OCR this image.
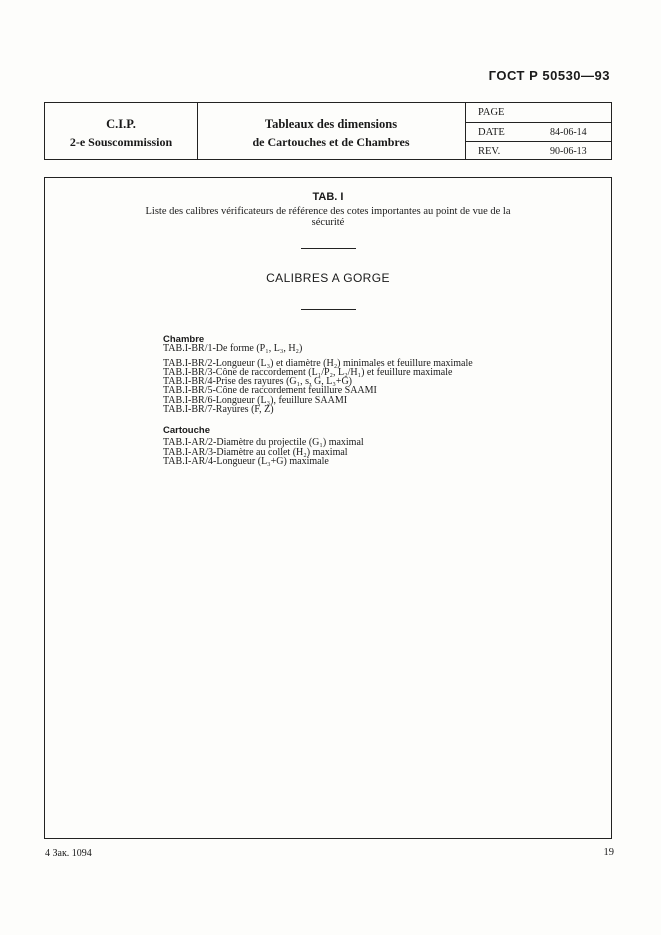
ГОСТ Р 50530—93
C.I.P.
2-e Souscommission
Tableaux des dimensions
de Cartouches et de Chambres
PAGE
DATE	84-06-14
REV.	90-06-13
TAB. I
Liste des calibres vérificateurs de référence des cotes importantes au point de vue de la sécurité
CALIBRES A GORGE
Chambre
TAB.I-BR/1-De forme (P₁, L₃, H₂)
TAB.I-BR/2-Longueur (L₃) et diamètre (H₂) minimales et feuillure maximale
TAB.I-BR/3-Cône de raccordement (L₁/P₂, L₂/H₁) et feuillure maximale
TAB.I-BR/4-Prise des rayures (G₁, s, G, L₃+G)
TAB.I-BR/5-Cône de raccordement feuillure SAAMI
TAB.I-BR/6-Longueur (L₃), feuillure SAAMI
TAB.I-BR/7-Rayures (F, Z)
Cartouche
TAB.I-AR/2-Diamètre du projectile (G₁) maximal
TAB.I-AR/3-Diamètre au collet (H₂) maximal
TAB.I-AR/4-Longueur (L₃+G) maximale
4 Зак. 1094	19
